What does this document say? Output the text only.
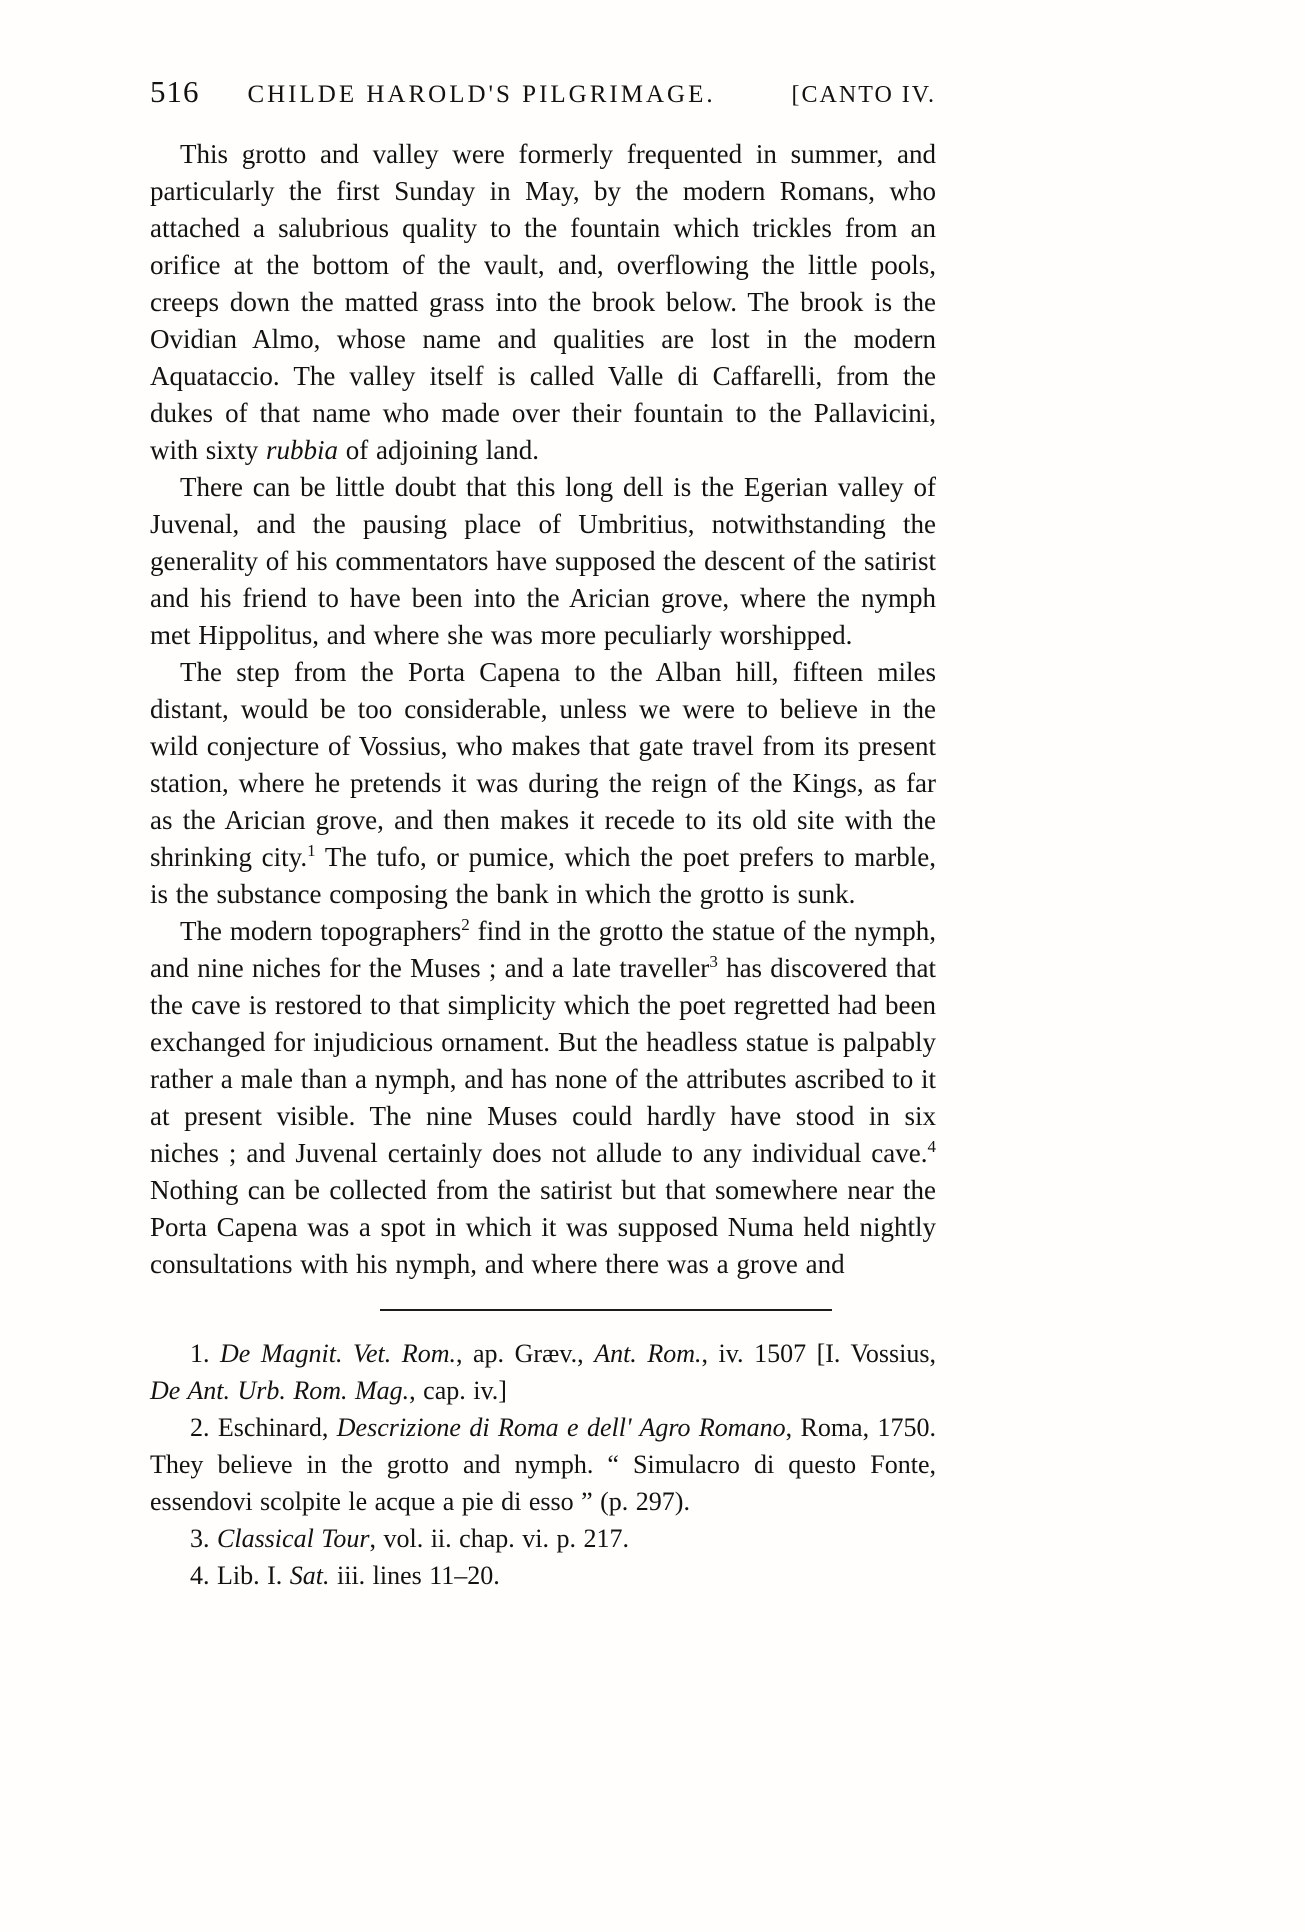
516 CHILDE HAROLD'S PILGRIMAGE.	[CANTO IV.

This grotto and valley were formerly frequented in summer, and particularly the first Sunday in May, by the modern Romans, who attached a salubrious quality to the fountain which trickles from an orifice at the bottom of the vault, and, overflowing the little pools, creeps down the matted grass into the brook below. The brook is the Ovidian Almo, whose name and qualities are lost in the modern Aquataccio. The valley itself is called Valle di Caffarelli, from the dukes of that name who made over their fountain to the Pallavicini, with sixty rubbia of adjoining land.

There can be little doubt that this long dell is the Egerian valley of Juvenal, and the pausing place of Umbritius, notwithstanding the generality of his commentators have supposed the descent of the satirist and his friend to have been into the Arician grove, where the nymph met Hippolitus, and where she was more peculiarly worshipped.

The step from the Porta Capena to the Alban hill, fifteen miles distant, would be too considerable, unless we were to believe in the wild conjecture of Vossius, who makes that gate travel from its present station, where he pretends it was during the reign of the Kings, as far as the Arician grove, and then makes it recede to its old site with the shrinking city.$^1$ The tufo, or pumice, which the poet prefers to marble, is the substance composing the bank in which the grotto is sunk.

The modern topographers$^2$ find in the grotto the statue of the nymph, and nine niches for the Muses ; and a late traveller$^3$ has discovered that the cave is restored to that simplicity which the poet regretted had been exchanged for injudicious ornament. But the headless statue is palpably rather a male than a nymph, and has none of the attributes ascribed to it at present visible. The nine Muses could hardly have stood in six niches ; and Juvenal certainly does not allude to any individual cave.$^4$ Nothing can be collected from the satirist but that somewhere near the Porta Capena was a spot in which it was supposed Numa held nightly consultations with his nymph, and where there was a grove and

1. De Magnit. Vet. Rom., ap. Græv., Ant. Rom., iv. 1507 [I. Vossius, De Ant. Urb. Rom. Mag., cap. iv.]

2. Eschinard, Descrizione di Roma e dell' Agro Romano, Roma, 1750. They believe in the grotto and nymph. “ Simulacro di questo Fonte, essendovi scolpite le acque a pie di esso ” (p. 297).

3. Classical Tour, vol. ii. chap. vi. p. 217.

4. Lib. I. Sat. iii. lines 11–20.
